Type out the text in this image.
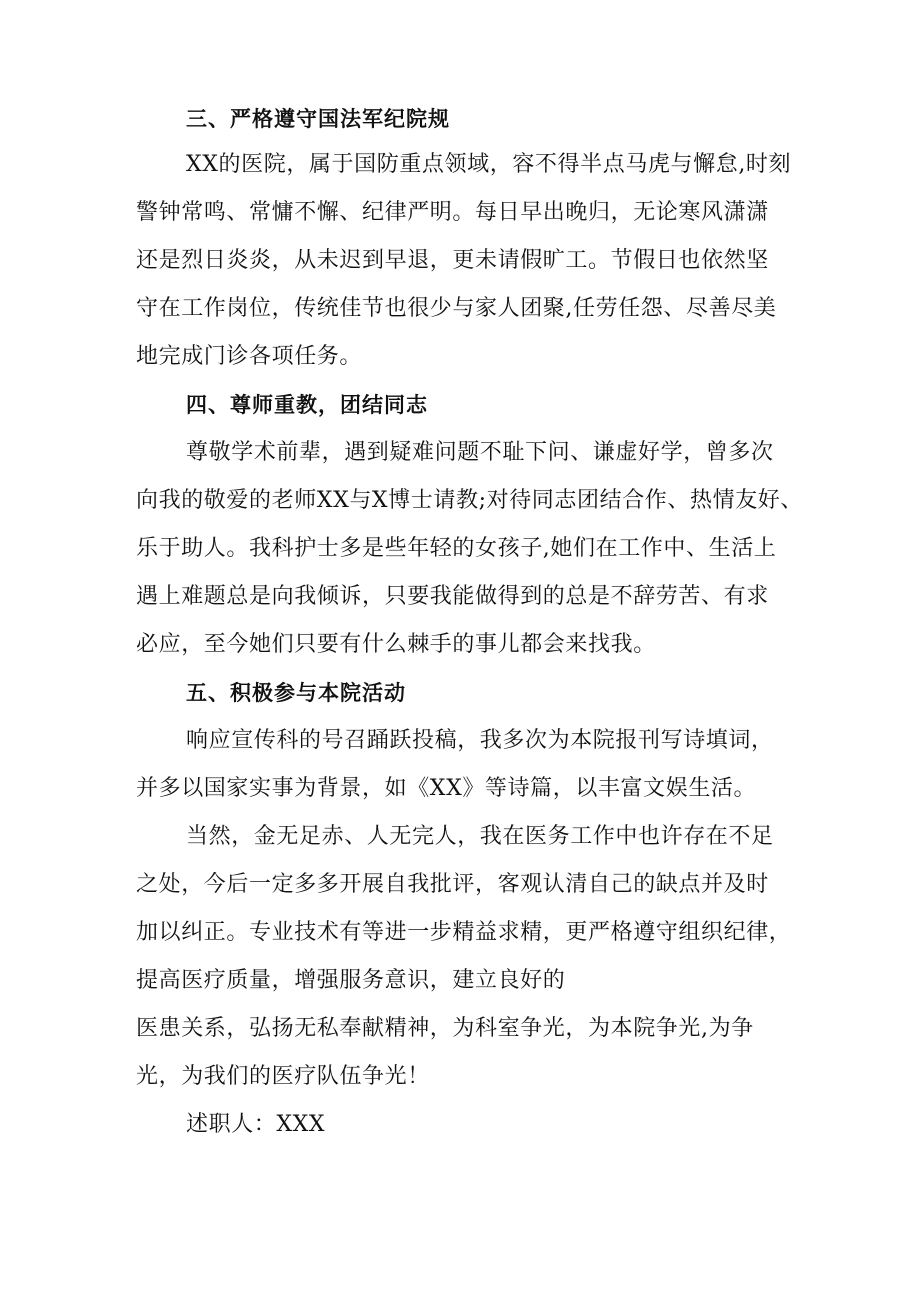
三、严格遵守国法军纪院规
XX的医院，属于国防重点领域，容不得半点马虎与懈怠,时刻
警钟常鸣、常慵不懈、纪律严明。每日早出晚归，无论寒风潇潇
还是烈日炎炎，从未迟到早退，更未请假旷工。节假日也依然坚
守在工作岗位，传统佳节也很少与家人团聚,任劳任怨、尽善尽美
地完成门诊各项任务。
四、尊师重教，团结同志
尊敬学术前辈，遇到疑难问题不耻下问、谦虚好学，曾多次
向我的敬爱的老师XX与X博士请教;对待同志团结合作、热情友好、
乐于助人。我科护士多是些年轻的女孩子,她们在工作中、生活上
遇上难题总是向我倾诉，只要我能做得到的总是不辞劳苦、有求
必应，至今她们只要有什么棘手的事儿都会来找我。
五、积极参与本院活动
响应宣传科的号召踊跃投稿，我多次为本院报刊写诗填词，
并多以国家实事为背景，如《XX》等诗篇，以丰富文娱生活。
当然，金无足赤、人无完人，我在医务工作中也许存在不足
之处，今后一定多多开展自我批评，客观认清自己的缺点并及时
加以纠正。专业技术有等进一步精益求精，更严格遵守组织纪律，
提高医疗质量，增强服务意识，建立良好的
医患关系，弘扬无私奉献精神，为科室争光，为本院争光,为争
光，为我们的医疗队伍争光！
述职人：XXX
